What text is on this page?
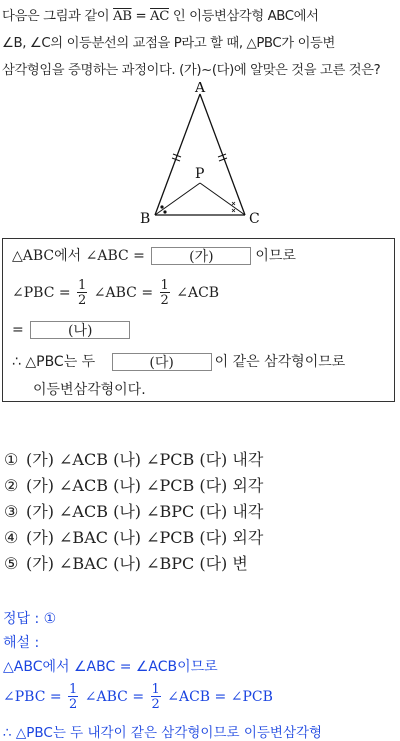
다음은 그림과 같이 $\overline{AB} = \overline{AC}$ 인 이등변삼각형 ABC에서
∠B, ∠C의 이등분선의 교점을 P라고 할 때, △PBC가 이등변
삼각형임을 증명하는 과정이다. (가)~(다)에 알맞은 것을 고른 것은?
A
B	C
P
△ABC에서 ∠ABC =	(가)	이므로
∠PBC = $\frac{1}{2}$ ∠ABC = $\frac{1}{2}$ ∠ACB
=	(나)
∴ △PBC는 두	(다)	이 같은 삼각형이므로
이등변삼각형이다.
① (가) ∠ACB (나) ∠PCB (다) 내각
② (가) ∠ACB (나) ∠PCB (다) 외각
③ (가) ∠ACB (나) ∠BPC (다) 내각
④ (가) ∠BAC (나) ∠PCB (다) 외각
⑤ (가) ∠BAC (나) ∠BPC (다) 변
정답 : ①
해설 :
△ABC에서 ∠ABC = ∠ACB이므로
∠PBC = $\frac{1}{2}$ ∠ABC = $\frac{1}{2}$ ∠ACB = ∠PCB
∴ △PBC는 두 내각이 같은 삼각형이므로 이등변삼각형
